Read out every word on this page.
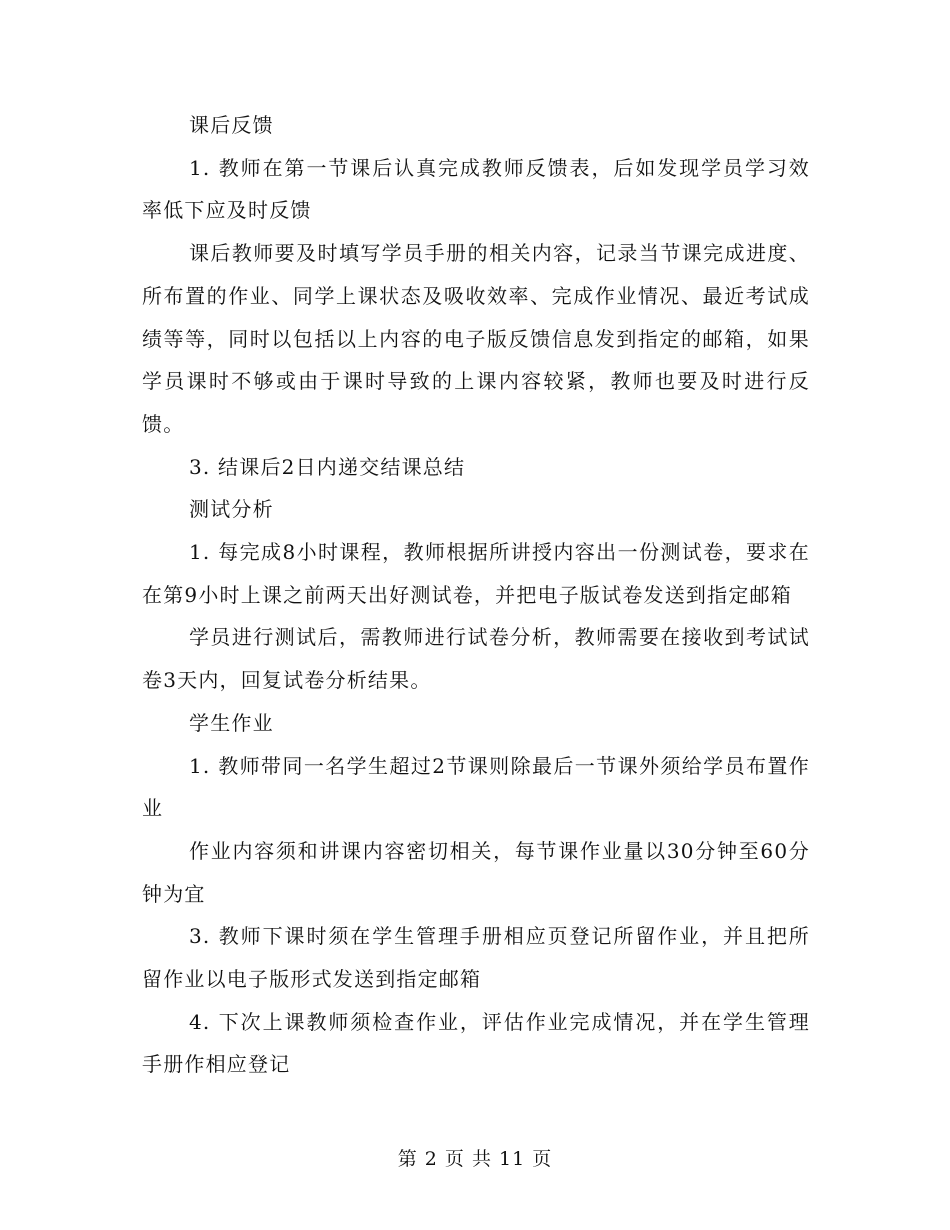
课后反馈

1. 教师在第一节课后认真完成教师反馈表，后如发现学员学习效率低下应及时反馈

课后教师要及时填写学员手册的相关内容，记录当节课完成进度、所布置的作业、同学上课状态及吸收效率、完成作业情况、最近考试成绩等等，同时以包括以上内容的电子版反馈信息发到指定的邮箱，如果学员课时不够或由于课时导致的上课内容较紧，教师也要及时进行反馈。

3. 结课后2日内递交结课总结

测试分析

1. 每完成8小时课程，教师根据所讲授内容出一份测试卷，要求在在第9小时上课之前两天出好测试卷，并把电子版试卷发送到指定邮箱

学员进行测试后，需教师进行试卷分析，教师需要在接收到考试试卷3天内，回复试卷分析结果。

学生作业

1. 教师带同一名学生超过2节课则除最后一节课外须给学员布置作业

作业内容须和讲课内容密切相关，每节课作业量以30分钟至60分钟为宜

3. 教师下课时须在学生管理手册相应页登记所留作业，并且把所留作业以电子版形式发送到指定邮箱

4. 下次上课教师须检查作业，评估作业完成情况，并在学生管理手册作相应登记

第 2 页 共 11 页
